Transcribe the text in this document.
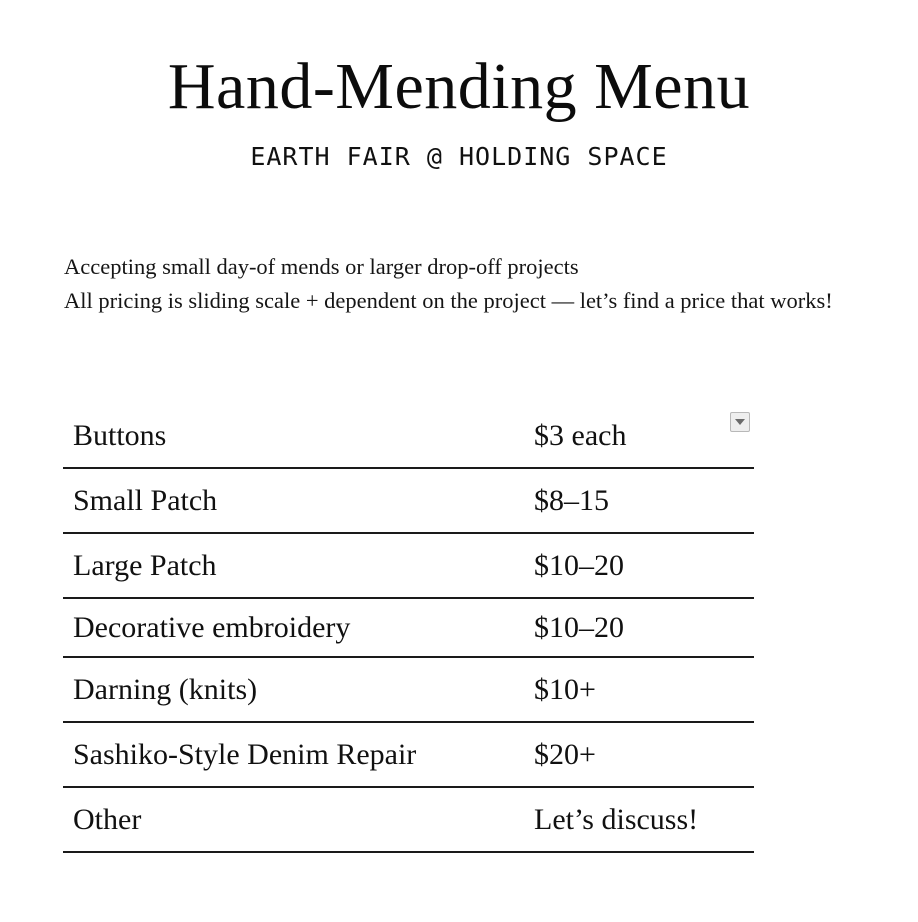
Hand-Mending Menu
EARTH FAIR @ HOLDING SPACE

Accepting small day-of mends or larger drop-off projects

All pricing is sliding scale + dependent on the project — let’s find a price that works!

Buttons	$3 each
Small Patch	$8–15
Large Patch	$10–20
Decorative embroidery	$10–20
Darning (knits)	$10+
Sashiko-Style Denim Repair	$20+
Other	Let’s discuss!
